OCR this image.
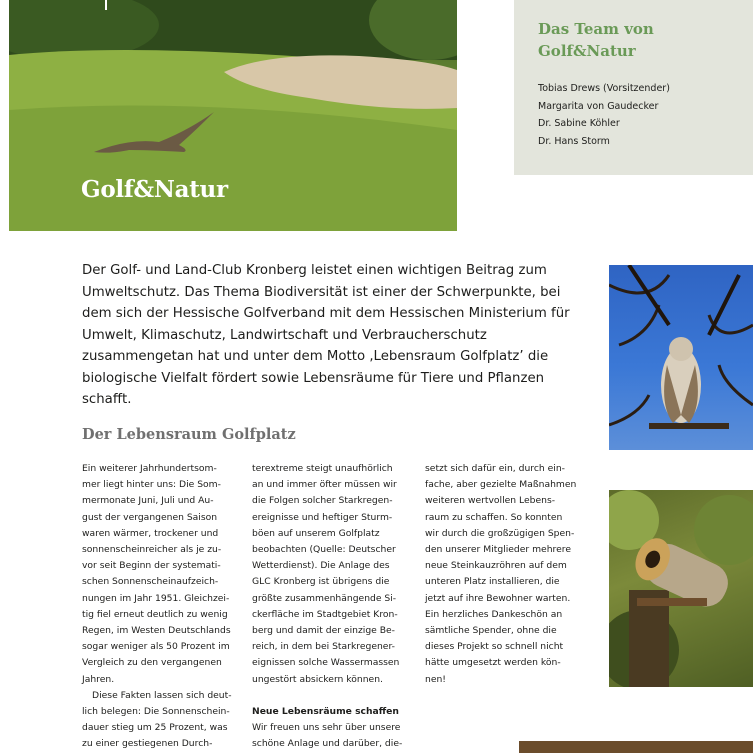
Golf&Natur
Das Team von
Golf&Natur
Tobias Drews (Vorsitzender)
Margarita von Gaudecker
Dr. Sabine Köhler
Dr. Hans Storm

Der Golf- und Land-Club Kronberg leistet einen wichtigen Beitrag zum Umweltschutz. Das Thema Biodiversität ist einer der Schwerpunkte, bei dem sich der Hessische Golfverband mit dem Hessischen Ministerium für Umwelt, Klimaschutz, Landwirtschaft und Verbraucherschutz zusammengetan hat und unter dem Motto ‚Lebensraum Golfplatz’ die biologische Vielfalt fördert sowie Lebensräume für Tiere und Pflanzen schafft.

Der Lebensraum Golfplatz

Ein weiterer Jahrhundertsom-
mer liegt hinter uns: Die Som-
mermonate Juni, Juli und Au-
gust der vergangenen Saison
waren wärmer, trockener und
sonnenscheinreicher als je zu-
vor seit Beginn der systemati-
schen Sonnenscheinaufzeich-
nungen im Jahr 1951. Gleichzei-
tig fiel erneut deutlich zu wenig
Regen, im Westen Deutschlands
sogar weniger als 50 Prozent im
Vergleich zu den vergangenen
Jahren.

Diese Fakten lassen sich deut-
lich belegen: Die Sonnenschein-
dauer stieg um 25 Prozent, was
zu einer gestiegenen Durch-

terextreme steigt unaufhörlich
an und immer öfter müssen wir
die Folgen solcher Starkregen-
ereignisse und heftiger Sturm-
böen auf unserem Golfplatz
beobachten (Quelle: Deutscher
Wetterdienst). Die Anlage des
GLC Kronberg ist übrigens die
größte zusammenhängende Si-
ckerfläche im Stadtgebiet Kron-
berg und damit der einzige Be-
reich, in dem bei Starkregener-
eignissen solche Wassermassen
ungestört absickern können.

Neue Lebensräume schaffen

Wir freuen uns sehr über unsere
schöne Anlage und darüber, die-

setzt sich dafür ein, durch ein-
fache, aber gezielte Maßnahmen
weiteren wertvollen Lebens-
raum zu schaffen. So konnten
wir durch die großzügigen Spen-
den unserer Mitglieder mehrere
neue Steinkauzröhren auf dem
unteren Platz installieren, die
jetzt auf ihre Bewohner warten.
Ein herzliches Dankeschön an
sämtliche Spender, ohne die
dieses Projekt so schnell nicht
hätte umgesetzt werden kön-
nen!
